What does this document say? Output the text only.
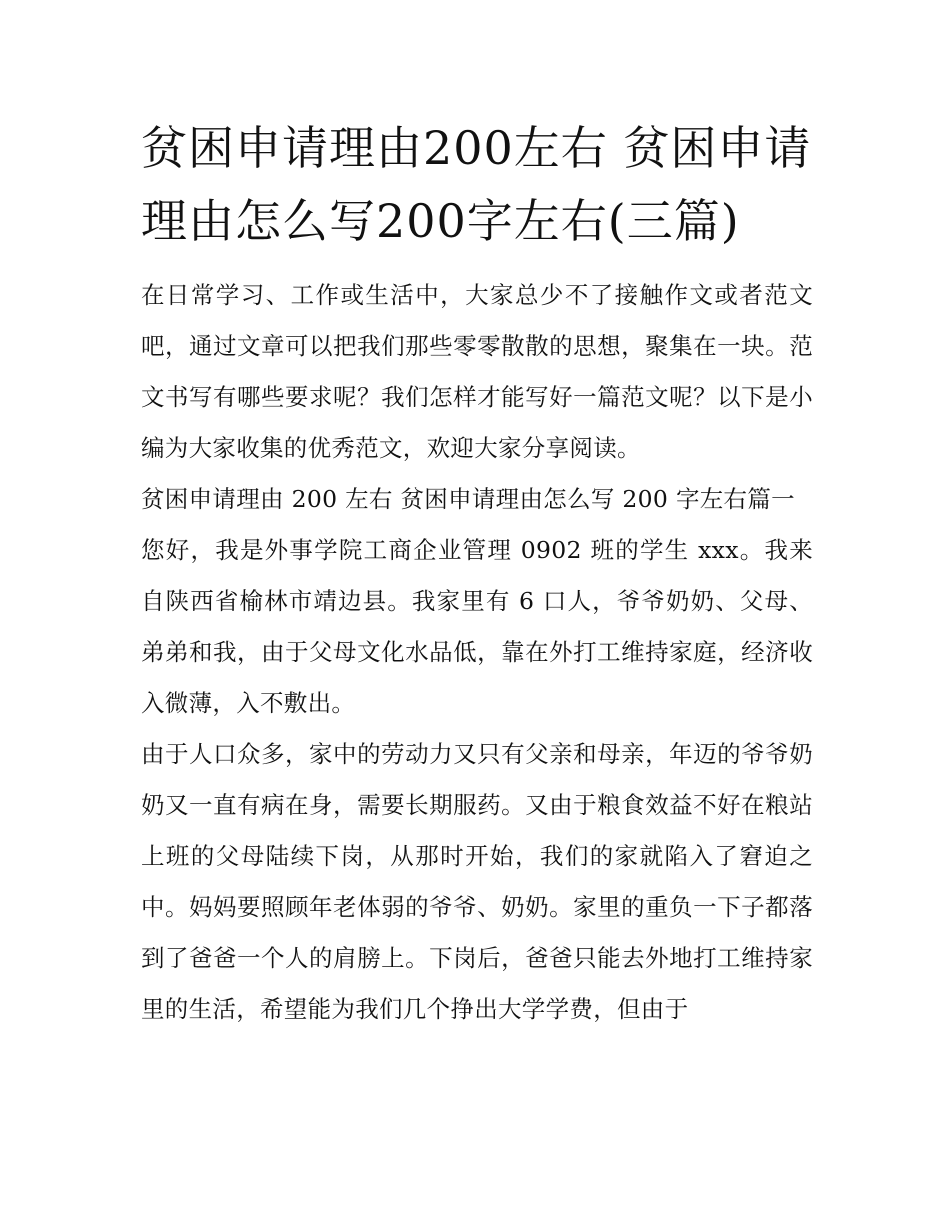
贫困申请理由200左右 贫困申请理由怎么写200字左右(三篇)

在日常学习、工作或生活中，大家总少不了接触作文或者范文吧，通过文章可以把我们那些零零散散的思想，聚集在一块。范文书写有哪些要求呢？我们怎样才能写好一篇范文呢？以下是小编为大家收集的优秀范文，欢迎大家分享阅读。

贫困申请理由 200 左右 贫困申请理由怎么写 200 字左右篇一

您好，我是外事学院工商企业管理 0902 班的学生 xxx。我来自陕西省榆林市靖边县。我家里有 6 口人，爷爷奶奶、父母、弟弟和我，由于父母文化水品低，靠在外打工维持家庭，经济收入微薄，入不敷出。

由于人口众多，家中的劳动力又只有父亲和母亲，年迈的爷爷奶奶又一直有病在身，需要长期服药。又由于粮食效益不好在粮站上班的父母陆续下岗，从那时开始，我们的家就陷入了窘迫之中。妈妈要照顾年老体弱的爷爷、奶奶。家里的重负一下子都落到了爸爸一个人的肩膀上。下岗后，爸爸只能去外地打工维持家里的生活，希望能为我们几个挣出大学学费，但由于
